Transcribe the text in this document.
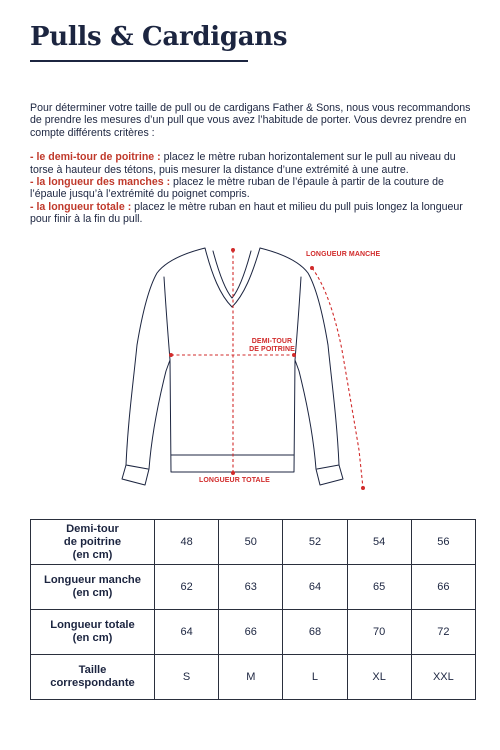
Pulls & Cardigans

Pour déterminer votre taille de pull ou de cardigans Father & Sons, nous vous recommandons de prendre les mesures d’un pull que vous avez l’habitude de porter. Vous devrez prendre en compte différents critères :

- le demi-tour de poitrine : placez le mètre ruban horizontalement sur le pull au niveau du torse à hauteur des tétons, puis mesurer la distance d’une extrémité à une autre.

- la longueur des manches : placez le mètre ruban de l’épaule à partir de la couture de l’épaule jusqu’à l’extrémité du poignet compris.

- la longueur totale : placez le mètre ruban en haut et milieu du pull puis longez la longueur pour finir à la fin du pull.

LONGUEUR MANCHE
DEMI-TOUR
DE POITRINE
LONGUEUR TOTALE
Demi-tour
de poitrine
(en cm)	48	50	52	54	56

Longueur manche
(en cm)	62	63	64	65	66

Longueur totale
(en cm)	64	66	68	70	72

Taille
correspondante	S	M	L	XL	XXL
